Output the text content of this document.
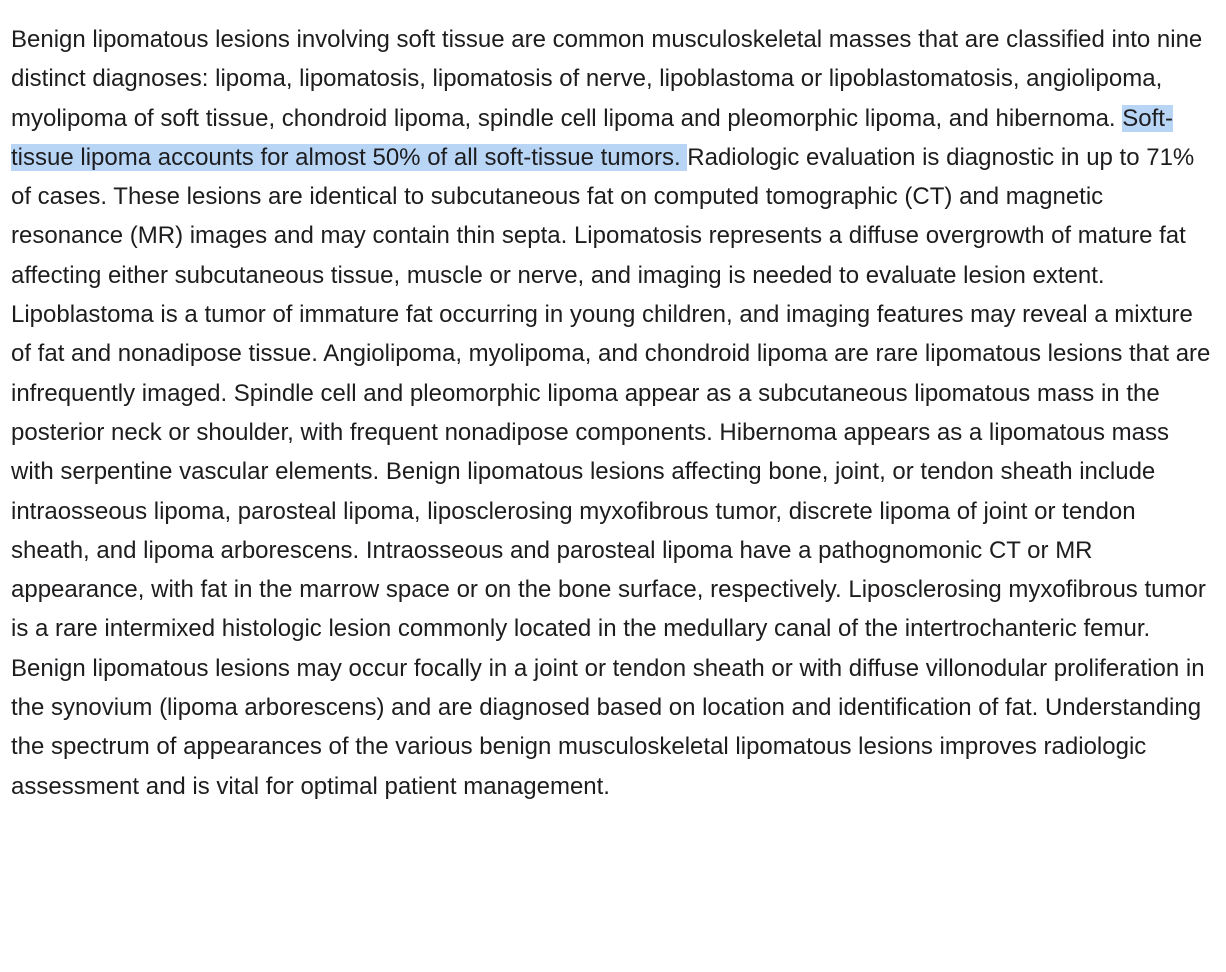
Benign lipomatous lesions involving soft tissue are common musculoskeletal masses that are classified into nine distinct diagnoses: lipoma, lipomatosis, lipomatosis of nerve, lipoblastoma or lipoblastomatosis, angiolipoma, myolipoma of soft tissue, chondroid lipoma, spindle cell lipoma and pleomorphic lipoma, and hibernoma. Soft-tissue lipoma accounts for almost 50% of all soft-tissue tumors. Radiologic evaluation is diagnostic in up to 71% of cases. These lesions are identical to subcutaneous fat on computed tomographic (CT) and magnetic resonance (MR) images and may contain thin septa. Lipomatosis represents a diffuse overgrowth of mature fat affecting either subcutaneous tissue, muscle or nerve, and imaging is needed to evaluate lesion extent. Lipoblastoma is a tumor of immature fat occurring in young children, and imaging features may reveal a mixture of fat and nonadipose tissue. Angiolipoma, myolipoma, and chondroid lipoma are rare lipomatous lesions that are infrequently imaged. Spindle cell and pleomorphic lipoma appear as a subcutaneous lipomatous mass in the posterior neck or shoulder, with frequent nonadipose components. Hibernoma appears as a lipomatous mass with serpentine vascular elements. Benign lipomatous lesions affecting bone, joint, or tendon sheath include intraosseous lipoma, parosteal lipoma, liposclerosing myxofibrous tumor, discrete lipoma of joint or tendon sheath, and lipoma arborescens. Intraosseous and parosteal lipoma have a pathognomonic CT or MR appearance, with fat in the marrow space or on the bone surface, respectively. Liposclerosing myxofibrous tumor is a rare intermixed histologic lesion commonly located in the medullary canal of the intertrochanteric femur. Benign lipomatous lesions may occur focally in a joint or tendon sheath or with diffuse villonodular proliferation in the synovium (lipoma arborescens) and are diagnosed based on location and identification of fat. Understanding the spectrum of appearances of the various benign musculoskeletal lipomatous lesions improves radiologic assessment and is vital for optimal patient management.
